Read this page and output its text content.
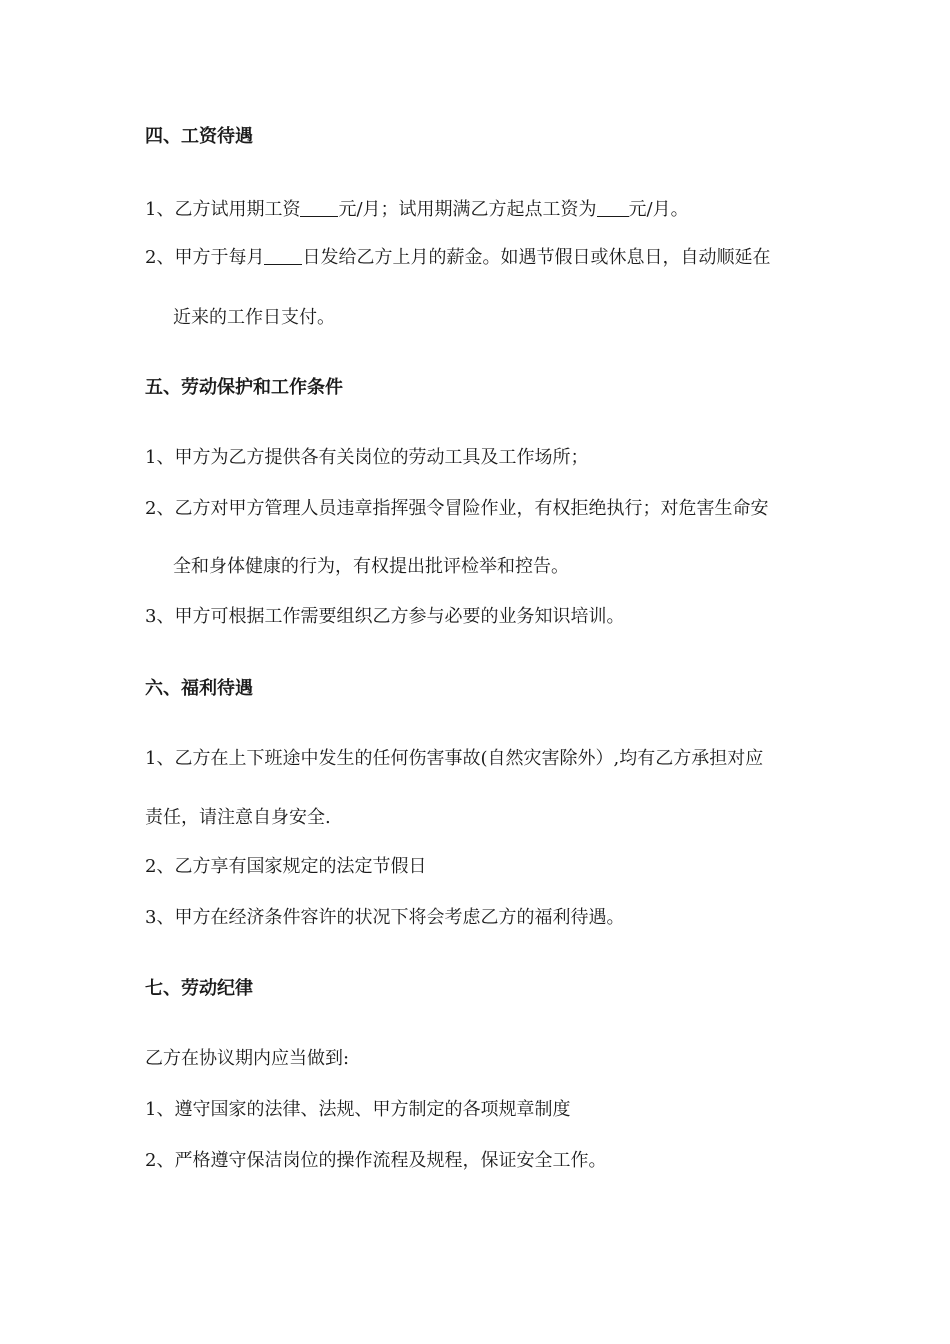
四、工资待遇

1、乙方试用期工资 元/月；试用期满乙方起点工资为 元/月。

2、甲方于每月 日发给乙方上月的薪金。如遇节假日或休息日，自动顺延在

近来的工作日支付。

五、劳动保护和工作条件

1、甲方为乙方提供各有关岗位的劳动工具及工作场所；

2、乙方对甲方管理人员违章指挥强令冒险作业，有权拒绝执行；对危害生命安

全和身体健康的行为，有权提出批评检举和控告。

3、甲方可根据工作需要组织乙方参与必要的业务知识培训。

六、福利待遇

1、乙方在上下班途中发生的任何伤害事故(自然灾害除外）,均有乙方承担对应

责任，请注意自身安全.

2、乙方享有国家规定的法定节假日

3、甲方在经济条件容许的状况下将会考虑乙方的福利待遇。

七、劳动纪律

乙方在协议期内应当做到:

1、遵守国家的法律、法规、甲方制定的各项规章制度

2、严格遵守保洁岗位的操作流程及规程，保证安全工作。
